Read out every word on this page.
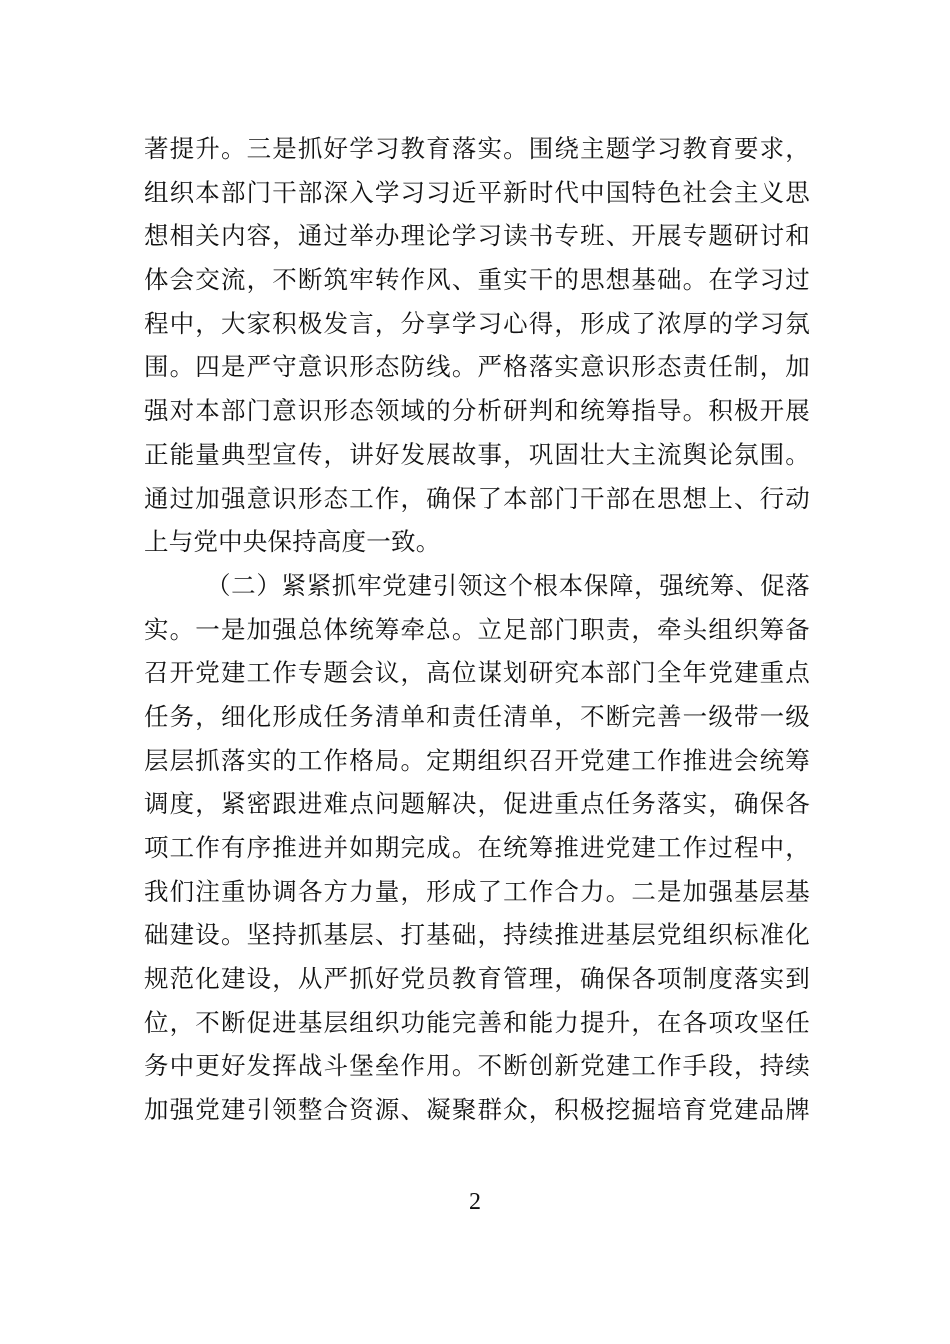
著提升。三是抓好学习教育落实。围绕主题学习教育要求，
组织本部门干部深入学习习近平新时代中国特色社会主义思
想相关内容，通过举办理论学习读书专班、开展专题研讨和
体会交流，不断筑牢转作风、重实干的思想基础。在学习过
程中，大家积极发言，分享学习心得，形成了浓厚的学习氛
围。四是严守意识形态防线。严格落实意识形态责任制，加
强对本部门意识形态领域的分析研判和统筹指导。积极开展
正能量典型宣传，讲好发展故事，巩固壮大主流舆论氛围。
通过加强意识形态工作，确保了本部门干部在思想上、行动
上与党中央保持高度一致。
（二）紧紧抓牢党建引领这个根本保障，强统筹、促落
实。一是加强总体统筹牵总。立足部门职责，牵头组织筹备
召开党建工作专题会议，高位谋划研究本部门全年党建重点
任务，细化形成任务清单和责任清单，不断完善一级带一级
层层抓落实的工作格局。定期组织召开党建工作推进会统筹
调度，紧密跟进难点问题解决，促进重点任务落实，确保各
项工作有序推进并如期完成。在统筹推进党建工作过程中，
我们注重协调各方力量，形成了工作合力。二是加强基层基
础建设。坚持抓基层、打基础，持续推进基层党组织标准化
规范化建设，从严抓好党员教育管理，确保各项制度落实到
位，不断促进基层组织功能完善和能力提升，在各项攻坚任
务中更好发挥战斗堡垒作用。不断创新党建工作手段，持续
加强党建引领整合资源、凝聚群众，积极挖掘培育党建品牌
2
